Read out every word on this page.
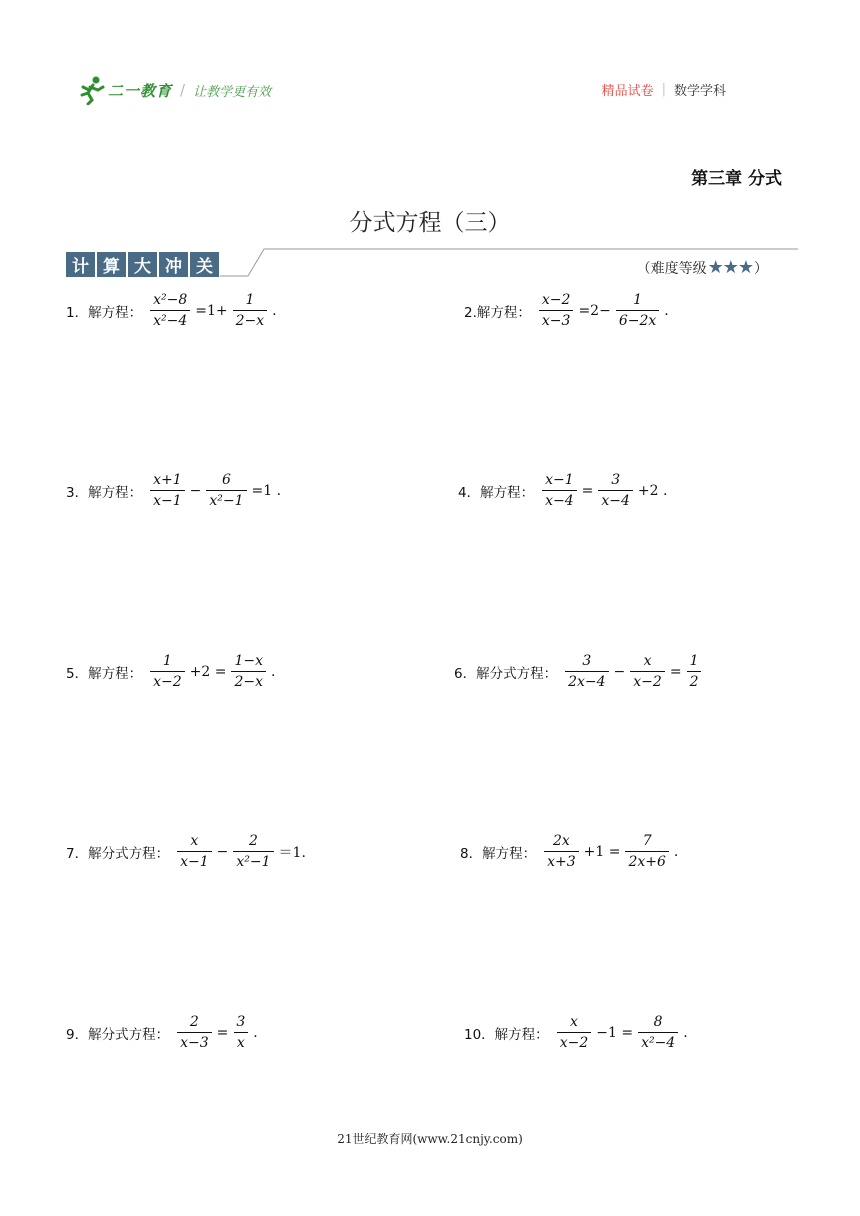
二一教育 / 让教学更有效	精品试卷 | 数学学科
第三章 分式
分式方程（三）
计 算 大 冲 关	（难度等级 ★★★ ）
1．解方程： $\frac{\text{x²−8}}{\text{x²−4}} =1+ \frac{1}{2-x}$ .	2.解方程： $\frac{x-2}{x-3} =2- \frac{1}{6-2x}$ .
3．解方程： $\frac{x+1}{x-1} - \frac{6}{\text{x²−1}} =1$ .	4．解方程： $\frac{x-1}{x-4} = \frac{3}{x-4} +2$ .
5．解方程： $\frac{1}{x-2} +2 = \frac{1-x}{2-x}$ .	6．解分式方程： $\frac{3}{2x-4} - \frac{x}{x-2} = \frac{1}{2}$
7．解分式方程： $\frac{x}{x-1} - \frac{2}{\text{x²−1}} =1$.	8．解方程： $\frac{2x}{x+3} +1 = \frac{7}{2x+6}$ .
9．解分式方程： $\frac{2}{x-3} = \frac{3}{x}$ .	10．解方程： $\frac{x}{x-2} -1 = \frac{8}{\text{x²−4}}$ .
21世纪教育网(www.21cnjy.com)
